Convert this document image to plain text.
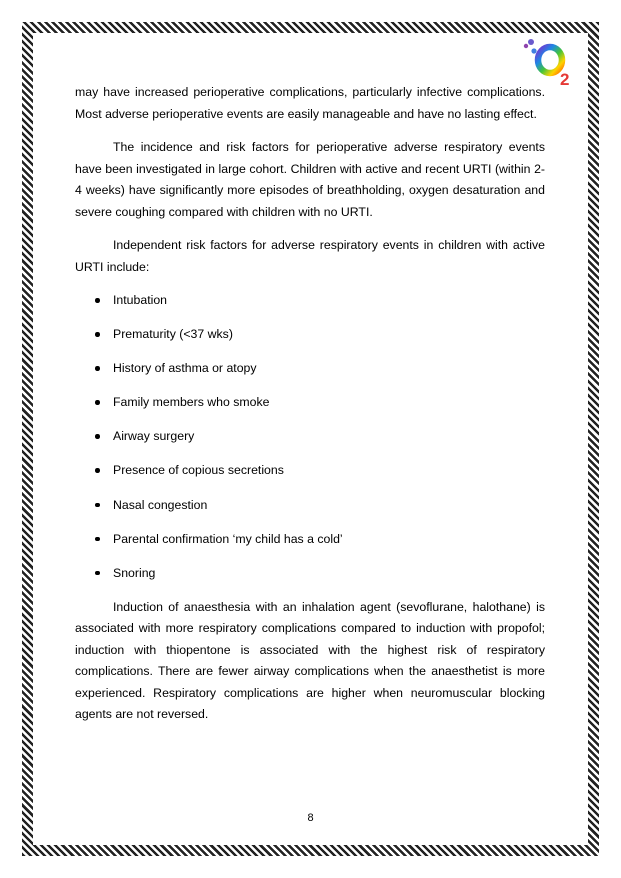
2

may have increased perioperative complications, particularly infective complications. Most adverse perioperative events are easily manageable and have no lasting effect.

The incidence and risk factors for perioperative adverse respiratory events have been investigated in large cohort. Children with active and recent URTI (within 2-4 weeks) have significantly more episodes of breathholding, oxygen desaturation and severe coughing compared with children with no URTI.

Independent risk factors for adverse respiratory events in children with active URTI include:

Intubation
Prematurity (<37 wks)
History of asthma or atopy
Family members who smoke
Airway surgery
Presence of copious secretions
Nasal congestion
Parental confirmation ‘my child has a cold’
Snoring

Induction of anaesthesia with an inhalation agent (sevoflurane, halothane) is associated with more respiratory complications compared to induction with propofol; induction with thiopentone is associated with the highest risk of respiratory complications. There are fewer airway complications when the anaesthetist is more experienced. Respiratory complications are higher when neuromuscular blocking agents are not reversed.

8
